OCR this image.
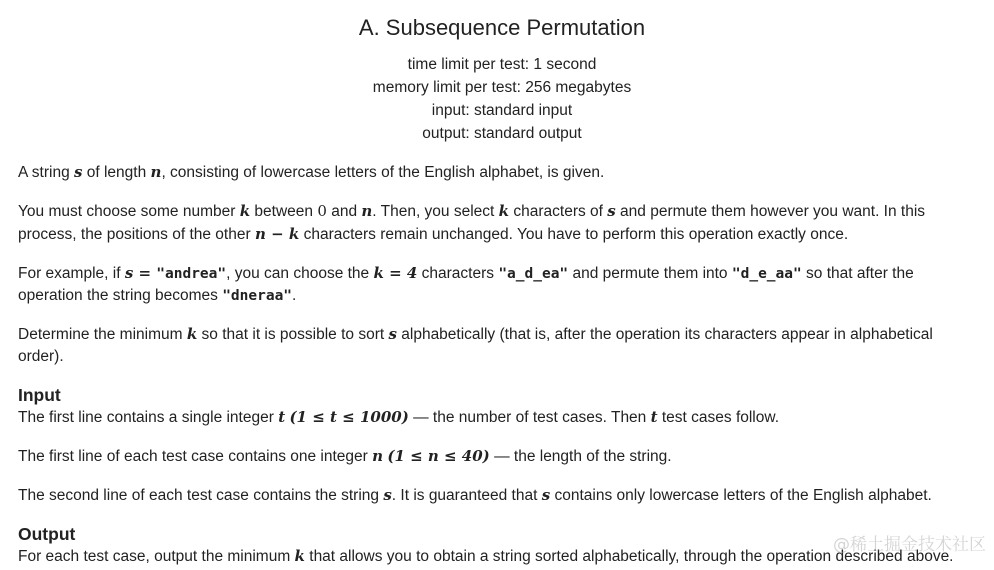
A. Subsequence Permutation
time limit per test: 1 second
memory limit per test: 256 megabytes
input: standard input
output: standard output

A string s of length n, consisting of lowercase letters of the English alphabet, is given.

You must choose some number k between 0 and n. Then, you select k characters of s and permute them however you want. In this process, the positions of the other n − k characters remain unchanged. You have to perform this operation exactly once.

For example, if s = "andrea", you can choose the k = 4 characters "a_d_ea" and permute them into "d_e_aa" so that after the operation the string becomes "dneraa".

Determine the minimum k so that it is possible to sort s alphabetically (that is, after the operation its characters appear in alphabetical order).

Input

The first line contains a single integer t (1 ≤ t ≤ 1000) — the number of test cases. Then t test cases follow.

The first line of each test case contains one integer n (1 ≤ n ≤ 40) — the length of the string.

The second line of each test case contains the string s. It is guaranteed that s contains only lowercase letters of the English alphabet.

Output

For each test case, output the minimum k that allows you to obtain a string sorted alphabetically, through the operation described above.

@稀土掘金技术社区
